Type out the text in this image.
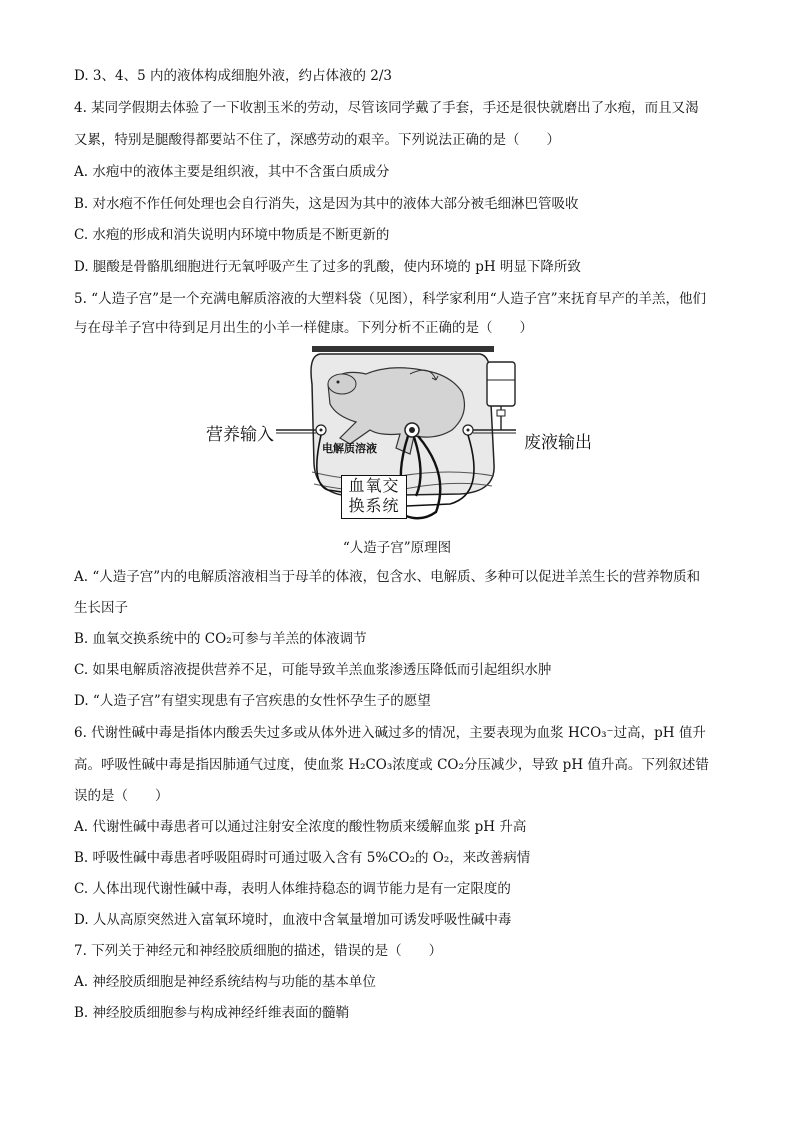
D. 3、4、5 内的液体构成细胞外液，约占体液的 2/3
4. 某同学假期去体验了一下收割玉米的劳动，尽管该同学戴了手套，手还是很快就磨出了水疱，而且又渴
又累，特别是腿酸得都要站不住了，深感劳动的艰辛。下列说法正确的是（　　）
A. 水疱中的液体主要是组织液，其中不含蛋白质成分
B. 对水疱不作任何处理也会自行消失，这是因为其中的液体大部分被毛细淋巴管吸收
C. 水疱的形成和消失说明内环境中物质是不断更新的
D. 腿酸是骨骼肌细胞进行无氧呼吸产生了过多的乳酸，使内环境的 pH 明显下降所致
5. “人造子宫”是一个充满电解质溶液的大塑料袋（见图），科学家利用“人造子宫”来抚育早产的羊羔，他们
与在母羊子宫中待到足月出生的小羊一样健康。下列分析不正确的是（　　）
营养输入	废液输出
电解质溶液
血氧交
换系统
“人造子宫”原理图
A. “人造子宫”内的电解质溶液相当于母羊的体液，包含水、电解质、多种可以促进羊羔生长的营养物质和
生长因子
B. 血氧交换系统中的 CO₂可参与羊羔的体液调节
C. 如果电解质溶液提供营养不足，可能导致羊羔血浆渗透压降低而引起组织水肿
D. “人造子宫”有望实现患有子宫疾患的女性怀孕生子的愿望
6. 代谢性碱中毒是指体内酸丢失过多或从体外进入碱过多的情况，主要表现为血浆 HCO₃⁻过高，pH 值升
高。呼吸性碱中毒是指因肺通气过度，使血浆 H₂CO₃浓度或 CO₂分压减少，导致 pH 值升高。下列叙述错
误的是（　　）
A. 代谢性碱中毒患者可以通过注射安全浓度的酸性物质来缓解血浆 pH 升高
B. 呼吸性碱中毒患者呼吸阻碍时可通过吸入含有 5%CO₂的 O₂，来改善病情
C. 人体出现代谢性碱中毒，表明人体维持稳态的调节能力是有一定限度的
D. 人从高原突然进入富氧环境时，血液中含氧量增加可诱发呼吸性碱中毒
7. 下列关于神经元和神经胶质细胞的描述，错误的是（　　）
A. 神经胶质细胞是神经系统结构与功能的基本单位
B. 神经胶质细胞参与构成神经纤维表面的髓鞘
